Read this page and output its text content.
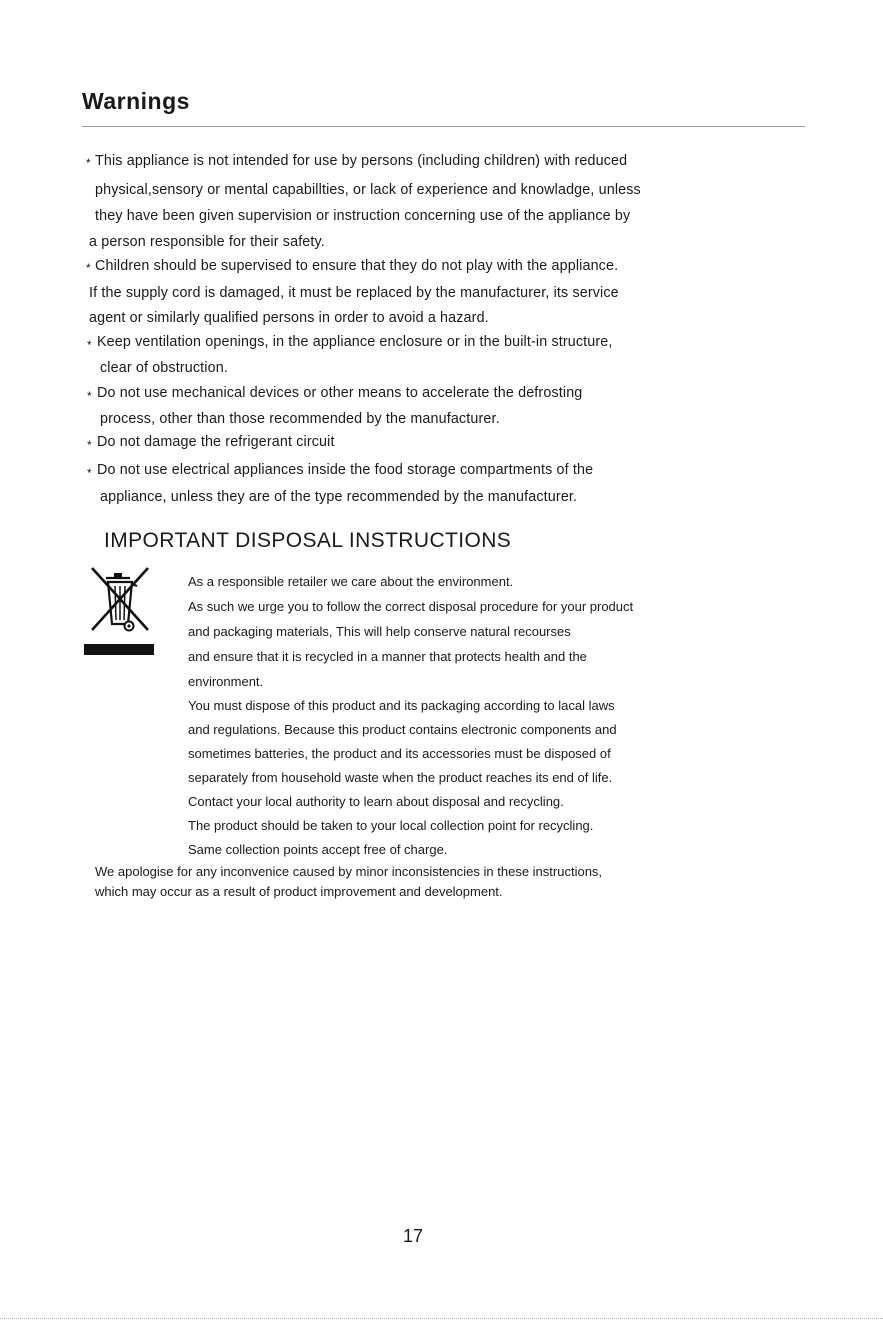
Warnings
* This appliance is not intended for use by persons (including children) with reduced
physical,sensory or mental capabillties, or lack of experience and knowladge, unless
they have been given supervision or instruction concerning use of the appliance by
a person responsible for their safety.
* Children should be supervised to ensure that they do not play with the appliance.
If the supply cord is damaged, it must be replaced by the manufacturer, its service
agent or similarly qualified persons in order to avoid a hazard.
* Keep ventilation openings, in the appliance enclosure or in the built-in structure,
clear of obstruction.
* Do not use mechanical devices or other means to accelerate the defrosting
process, other than those recommended by the manufacturer.
* Do not damage the refrigerant circuit
* Do not use electrical appliances inside the food storage compartments of the
appliance, unless they are of the type recommended by the manufacturer.
IMPORTANT DISPOSAL INSTRUCTIONS
As a responsible retailer we care about the environment.
As such we urge you to follow the correct disposal procedure for your product
and packaging materials, This will help conserve natural recourses
and ensure that it is recycled in a manner that protects health and the
environment.
You must dispose of this product and its packaging according to lacal laws
and regulations. Because this product contains electronic components and
sometimes batteries, the product and its accessories must be disposed of
separately from household waste when the product reaches its end of life.
Contact your local authority to learn about disposal and recycling.
The product should be taken to your local collection point for recycling.
Same collection points accept free of charge.
We apologise for any inconvenice caused by minor inconsistencies in these instructions,
which may occur as a result of product improvement and development.
17
